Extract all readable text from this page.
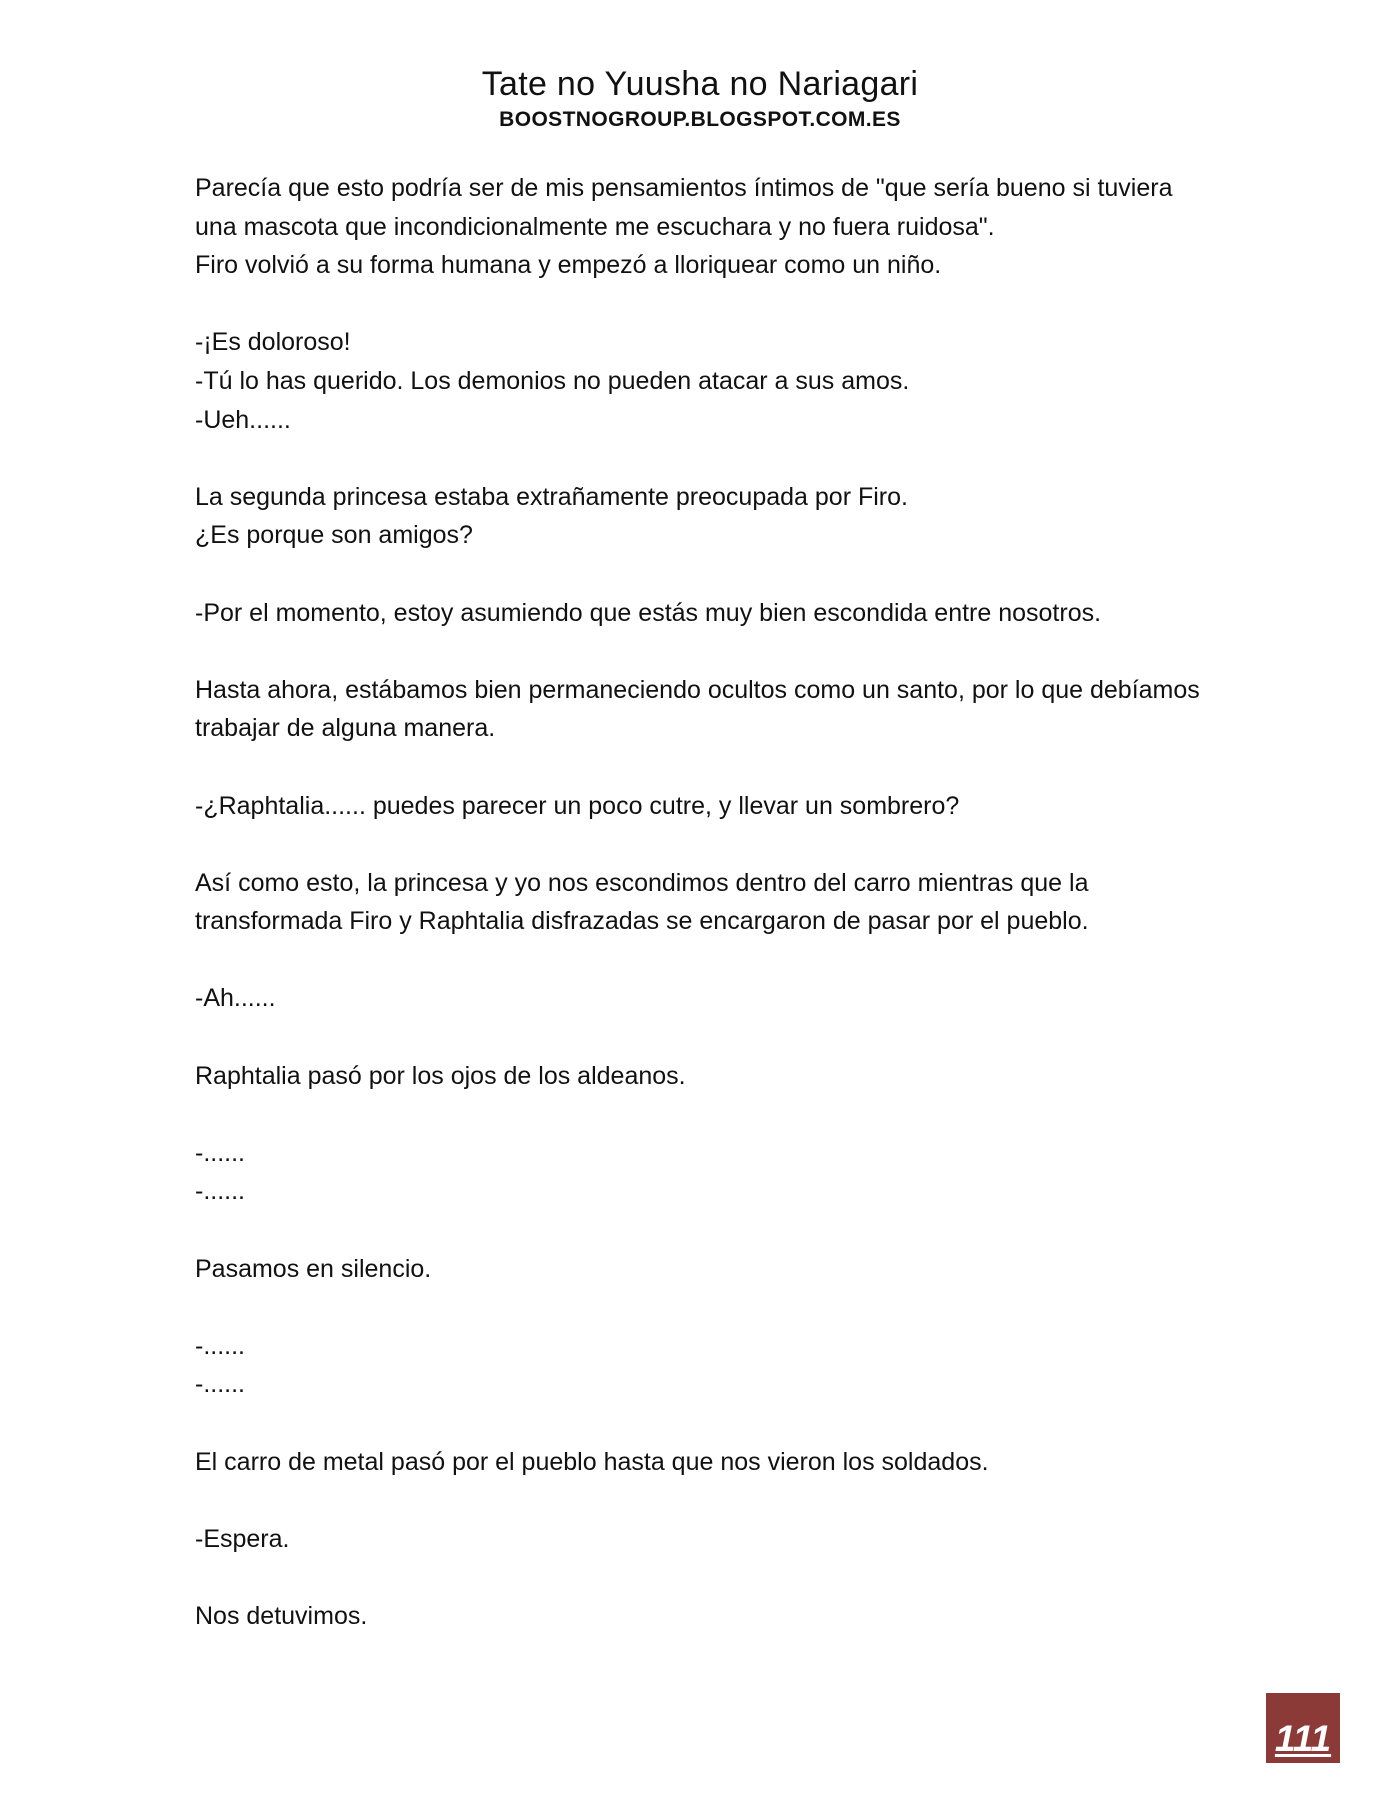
Tate no Yuusha no Nariagari
BOOSTNOGROUP.BLOGSPOT.COM.ES
Parecía que esto podría ser de mis pensamientos íntimos de "que sería bueno si tuviera
una mascota que incondicionalmente me escuchara y no fuera ruidosa".
Firo volvió a su forma humana y empezó a lloriquear como un niño.
-¡Es doloroso!
-Tú lo has querido. Los demonios no pueden atacar a sus amos.
-Ueh......
La segunda princesa estaba extrañamente preocupada por Firo.
¿Es porque son amigos?
-Por el momento, estoy asumiendo que estás muy bien escondida entre nosotros.
Hasta ahora, estábamos bien permaneciendo ocultos como un santo, por lo que debíamos
trabajar de alguna manera.
-¿Raphtalia...... puedes parecer un poco cutre, y llevar un sombrero?
Así como esto, la princesa y yo nos escondimos dentro del carro mientras que la
transformada Firo y Raphtalia disfrazadas se encargaron de pasar por el pueblo.
-Ah......
Raphtalia pasó por los ojos de los aldeanos.
-......
-......
Pasamos en silencio.
-......
-......
El carro de metal pasó por el pueblo hasta que nos vieron los soldados.
-Espera.
Nos detuvimos.
111
